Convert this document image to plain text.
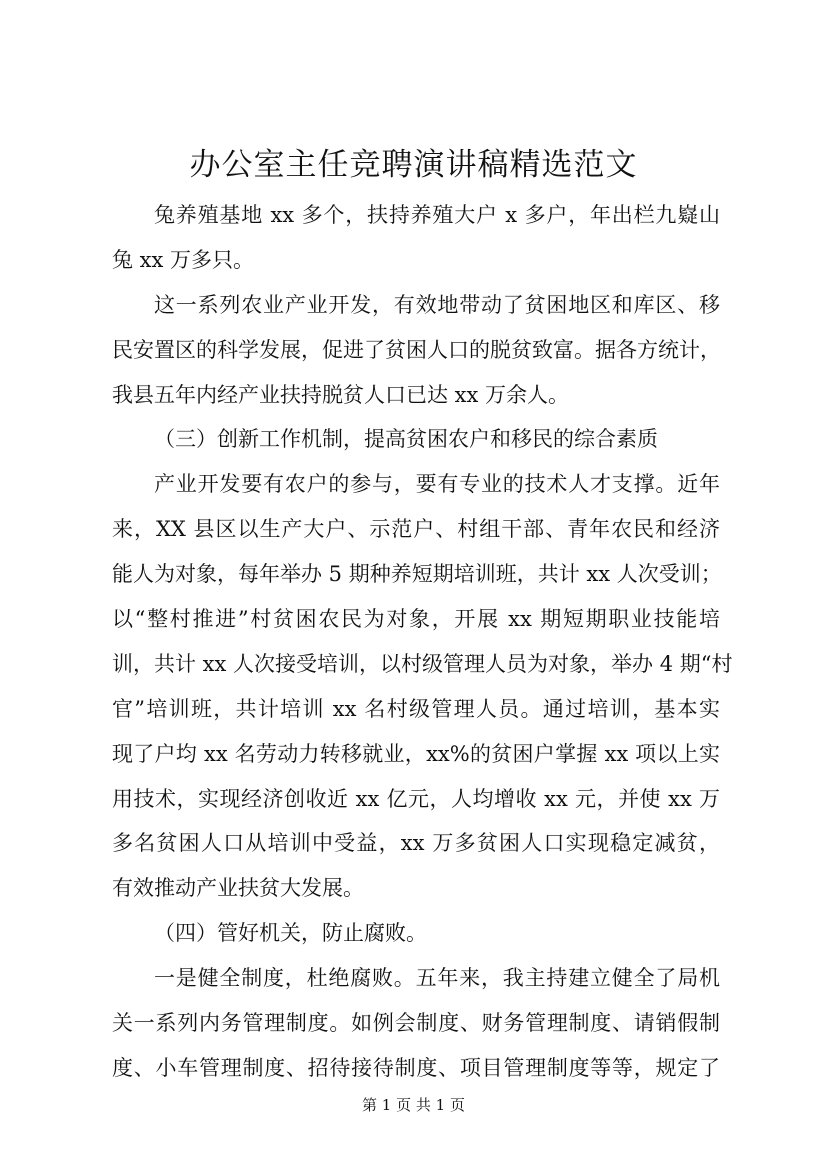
办公室主任竞聘演讲稿精选范文
兔养殖基地 xx 多个，扶持养殖大户 x 多户，年出栏九嶷山
兔 xx 万多只。
这一系列农业产业开发，有效地带动了贫困地区和库区、移
民安置区的科学发展，促进了贫困人口的脱贫致富。据各方统计，
我县五年内经产业扶持脱贫人口已达 xx 万余人。
（三）创新工作机制，提高贫困农户和移民的综合素质
产业开发要有农户的参与，要有专业的技术人才支撑。近年
来，XX 县区以生产大户、示范户、村组干部、青年农民和经济
能人为对象，每年举办 5 期种养短期培训班，共计 xx 人次受训；
以“整村推进”村贫困农民为对象，开展 xx 期短期职业技能培
训，共计 xx 人次接受培训，以村级管理人员为对象，举办 4 期“村
官”培训班，共计培训 xx 名村级管理人员。通过培训，基本实
现了户均 xx 名劳动力转移就业，xx%的贫困户掌握 xx 项以上实
用技术，实现经济创收近 xx 亿元，人均增收 xx 元，并使 xx 万
多名贫困人口从培训中受益，xx 万多贫困人口实现稳定减贫，
有效推动产业扶贫大发展。
（四）管好机关，防止腐败。
一是健全制度，杜绝腐败。五年来，我主持建立健全了局机
关一系列内务管理制度。如例会制度、财务管理制度、请销假制
度、小车管理制度、招待接待制度、项目管理制度等等，规定了
第 1 页 共 1 页
